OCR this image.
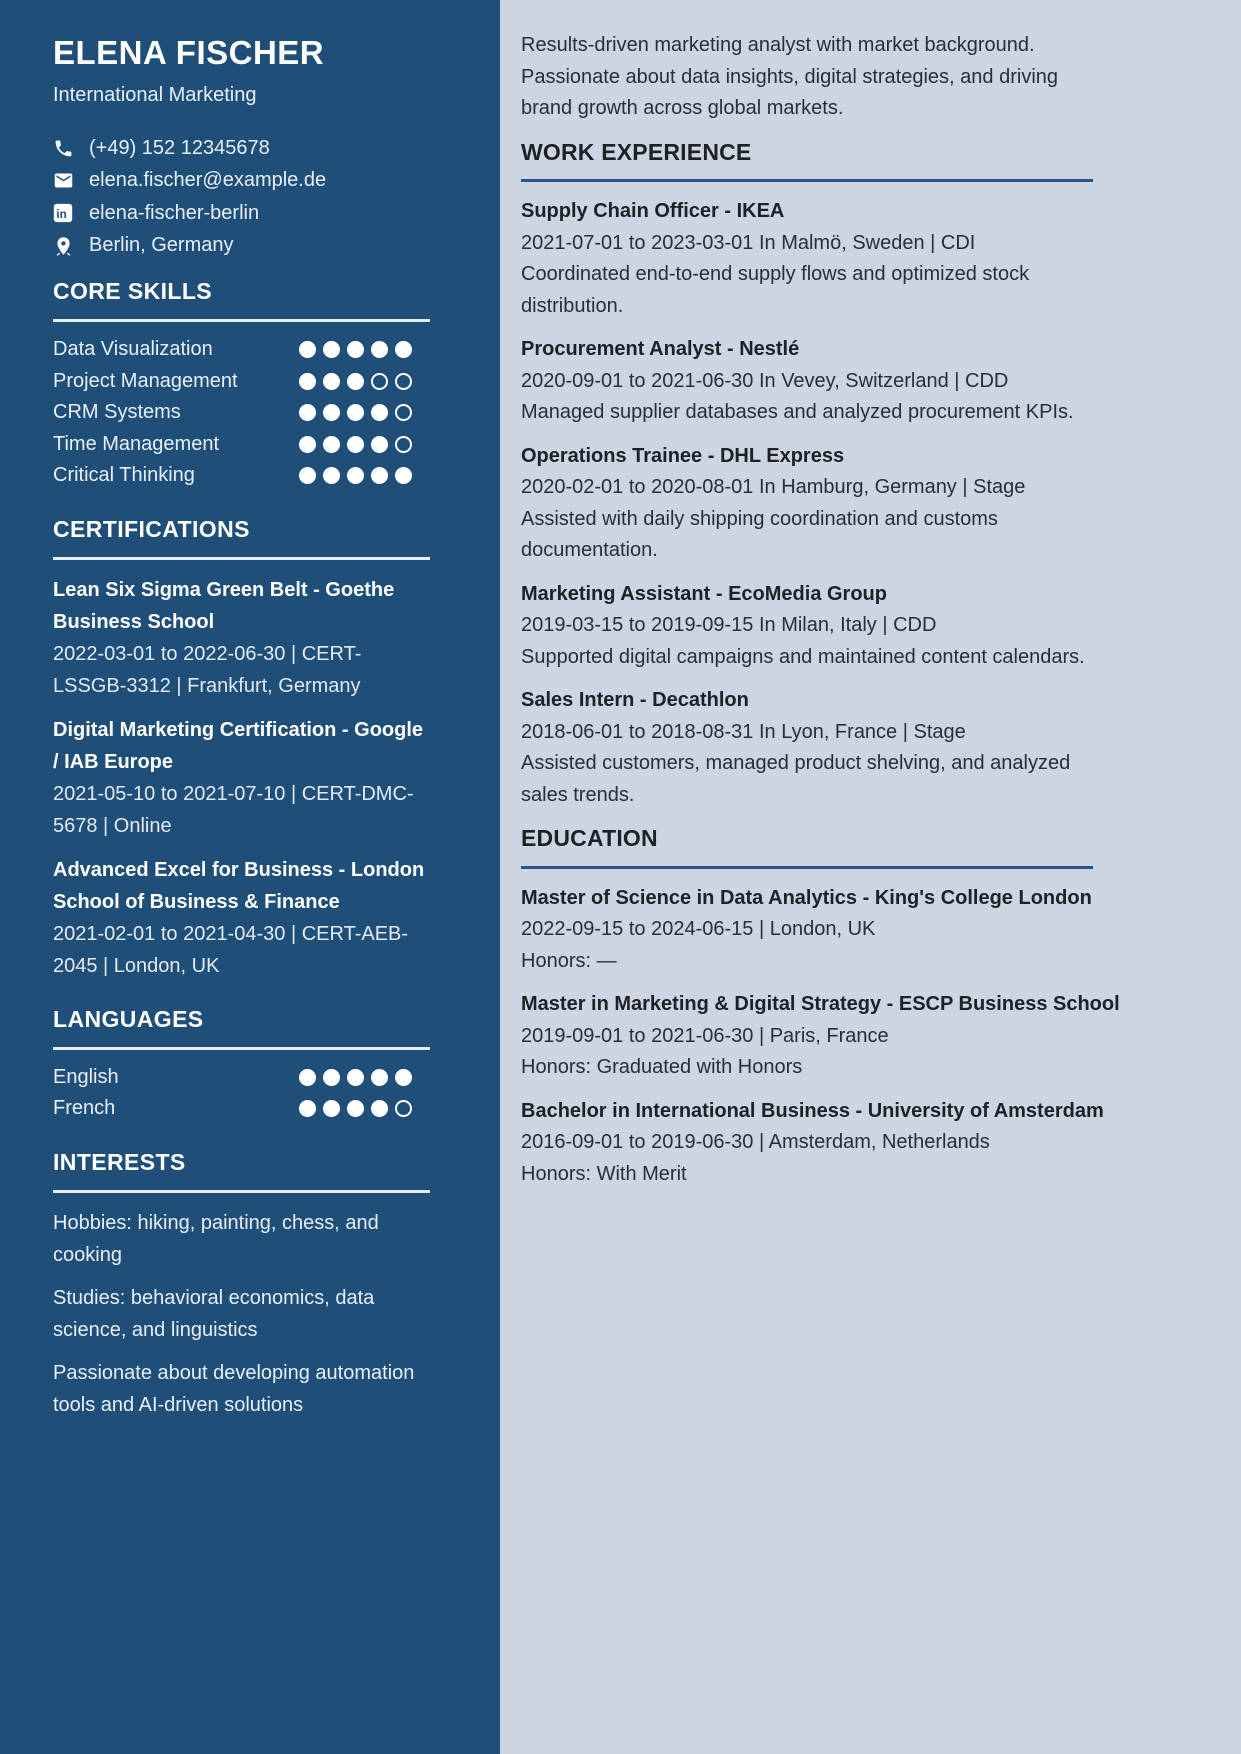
ELENA FISCHER
International Marketing
(+49) 152 12345678
elena.fischer@example.de
in elena-fischer-berlin
Berlin, Germany
CORE SKILLS
Data Visualization
Project Management
CRM Systems
Time Management
Critical Thinking
CERTIFICATIONS
Lean Six Sigma Green Belt - Goethe Business School
2022-03-01 to 2022-06-30 | CERT-LSSGB-3312 | Frankfurt, Germany
Digital Marketing Certification - Google / IAB Europe
2021-05-10 to 2021-07-10 | CERT-DMC-5678 | Online
Advanced Excel for Business - London School of Business & Finance
2021-02-01 to 2021-04-30 | CERT-AEB-2045 | London, UK
LANGUAGES
English
French
INTERESTS
Hobbies: hiking, painting, chess, and cooking
Studies: behavioral economics, data science, and linguistics
Passionate about developing automation tools and AI-driven solutions

Results-driven marketing analyst with market background. Passionate about data insights, digital strategies, and driving brand growth across global markets.

WORK EXPERIENCE
Supply Chain Officer - IKEA
2021-07-01 to 2023-03-01 In Malmö, Sweden | CDI
Coordinated end-to-end supply flows and optimized stock distribution.
Procurement Analyst - Nestlé
2020-09-01 to 2021-06-30 In Vevey, Switzerland | CDD
Managed supplier databases and analyzed procurement KPIs.
Operations Trainee - DHL Express
2020-02-01 to 2020-08-01 In Hamburg, Germany | Stage
Assisted with daily shipping coordination and customs documentation.
Marketing Assistant - EcoMedia Group
2019-03-15 to 2019-09-15 In Milan, Italy | CDD
Supported digital campaigns and maintained content calendars.
Sales Intern - Decathlon
2018-06-01 to 2018-08-31 In Lyon, France | Stage
Assisted customers, managed product shelving, and analyzed sales trends.
EDUCATION
Master of Science in Data Analytics - King's College London
2022-09-15 to 2024-06-15 | London, UK
Honors: —
Master in Marketing & Digital Strategy - ESCP Business School
2019-09-01 to 2021-06-30 | Paris, France
Honors: Graduated with Honors
Bachelor in International Business - University of Amsterdam
2016-09-01 to 2019-06-30 | Amsterdam, Netherlands
Honors: With Merit
